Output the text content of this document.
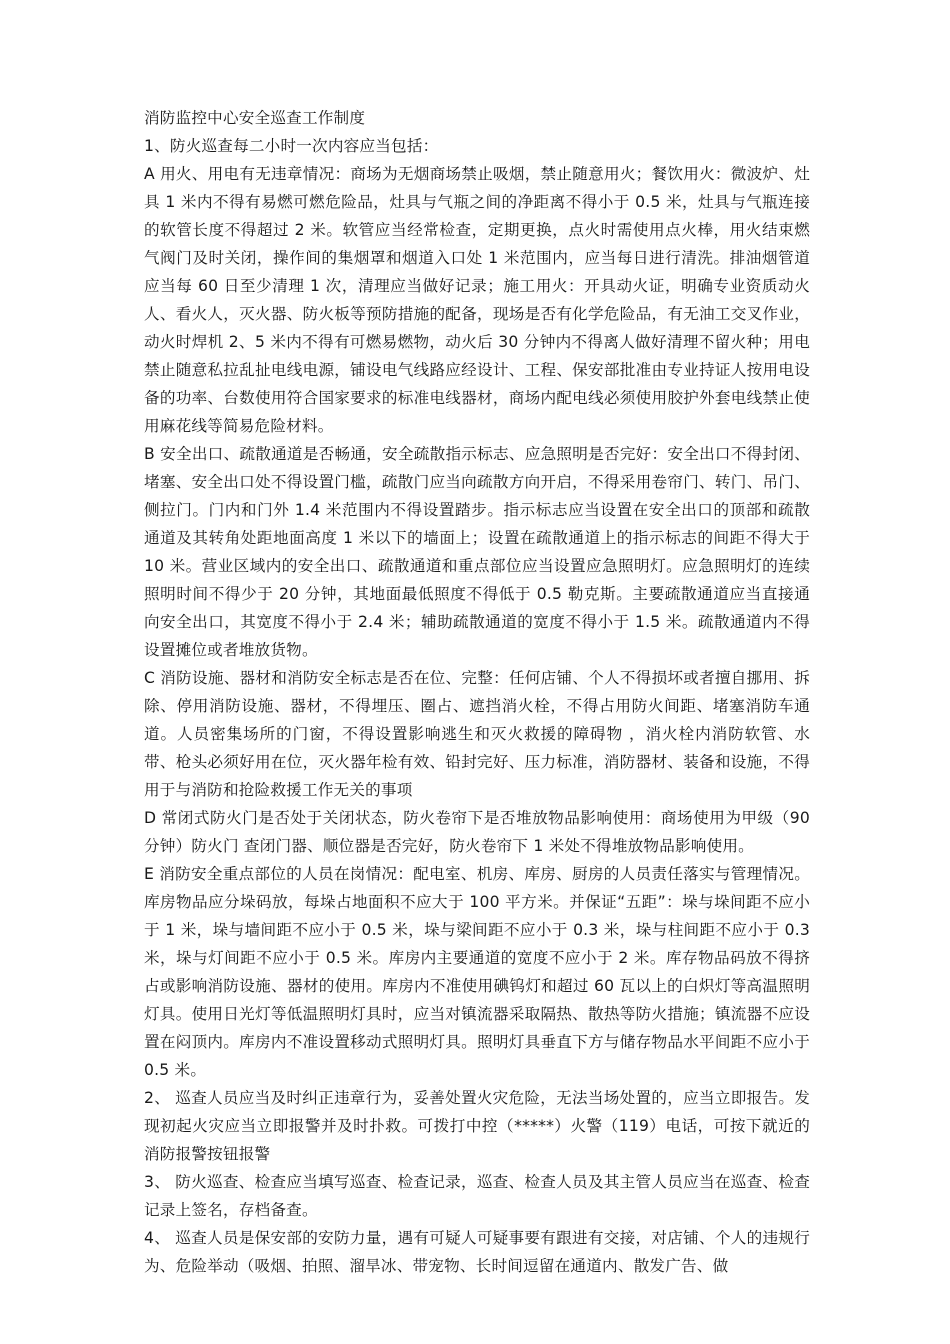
消防监控中心安全巡查工作制度

1、防火巡查每二小时一次内容应当包括：

A 用火、用电有无违章情况：商场为无烟商场禁止吸烟，禁止随意用火；餐饮用火：微波炉、灶具 1 米内不得有易燃可燃危险品，灶具与气瓶之间的净距离不得小于 0.5 米，灶具与气瓶连接的软管长度不得超过 2 米。软管应当经常检查，定期更换，点火时需使用点火棒，用火结束燃气阀门及时关闭，操作间的集烟罩和烟道入口处 1 米范围内，应当每日进行清洗。排油烟管道应当每 60 日至少清理 1 次，清理应当做好记录；施工用火：开具动火证，明确专业资质动火人、看火人，灭火器、防火板等预防措施的配备，现场是否有化学危险品，有无油工交叉作业，动火时焊机 2、5 米内不得有可燃易燃物，动火后 30 分钟内不得离人做好清理不留火种；用电禁止随意私拉乱扯电线电源，铺设电气线路应经设计、工程、保安部批准由专业持证人按用电设备的功率、台数使用符合国家要求的标准电线器材，商场内配电线必须使用胶护外套电线禁止使用麻花线等简易危险材料。

B 安全出口、疏散通道是否畅通，安全疏散指示标志、应急照明是否完好：安全出口不得封闭、堵塞、安全出口处不得设置门槛，疏散门应当向疏散方向开启，不得采用卷帘门、转门、吊门、侧拉门。门内和门外 1.4 米范围内不得设置踏步。指示标志应当设置在安全出口的顶部和疏散通道及其转角处距地面高度 1 米以下的墙面上；设置在疏散通道上的指示标志的间距不得大于 10 米。营业区域内的安全出口、疏散通道和重点部位应当设置应急照明灯。应急照明灯的连续照明时间不得少于 20 分钟，其地面最低照度不得低于 0.5 勒克斯。主要疏散通道应当直接通向安全出口，其宽度不得小于 2.4 米；辅助疏散通道的宽度不得小于 1.5 米。疏散通道内不得设置摊位或者堆放货物。

C 消防设施、器材和消防安全标志是否在位、完整：任何店铺、个人不得损坏或者擅自挪用、拆除、停用消防设施、器材，不得埋压、圈占、遮挡消火栓，不得占用防火间距、堵塞消防车通道。人员密集场所的门窗，不得设置影响逃生和灭火救援的障碍物 ，消火栓内消防软管、水带、枪头必须好用在位，灭火器年检有效、铅封完好、压力标准，消防器材、装备和设施，不得用于与消防和抢险救援工作无关的事项

D 常闭式防火门是否处于关闭状态，防火卷帘下是否堆放物品影响使用：商场使用为甲级（90 分钟）防火门 查闭门器、顺位器是否完好，防火卷帘下 1 米处不得堆放物品影响使用。

E 消防安全重点部位的人员在岗情况：配电室、机房、库房、厨房的人员责任落实与管理情况。库房物品应分垛码放，每垛占地面积不应大于 100 平方米。并保证“五距”：垛与垛间距不应小于 1 米，垛与墙间距不应小于 0.5 米，垛与梁间距不应小于 0.3 米，垛与柱间距不应小于 0.3 米，垛与灯间距不应小于 0.5 米。库房内主要通道的宽度不应小于 2 米。库存物品码放不得挤占或影响消防设施、器材的使用。库房内不准使用碘钨灯和超过 60 瓦以上的白炽灯等高温照明灯具。使用日光灯等低温照明灯具时，应当对镇流器采取隔热、散热等防火措施；镇流器不应设置在闷顶内。库房内不准设置移动式照明灯具。照明灯具垂直下方与储存物品水平间距不应小于 0.5 米。

2、 巡查人员应当及时纠正违章行为，妥善处置火灾危险，无法当场处置的，应当立即报告。发现初起火灾应当立即报警并及时扑救。可拨打中控（*****）火警（119）电话，可按下就近的消防报警按钮报警

3、 防火巡查、检查应当填写巡查、检查记录，巡查、检查人员及其主管人员应当在巡查、检查记录上签名，存档备查。

4、 巡查人员是保安部的安防力量，遇有可疑人可疑事要有跟进有交接，对店铺、个人的违规行为、危险举动（吸烟、拍照、溜旱冰、带宠物、长时间逗留在通道内、散发广告、做
